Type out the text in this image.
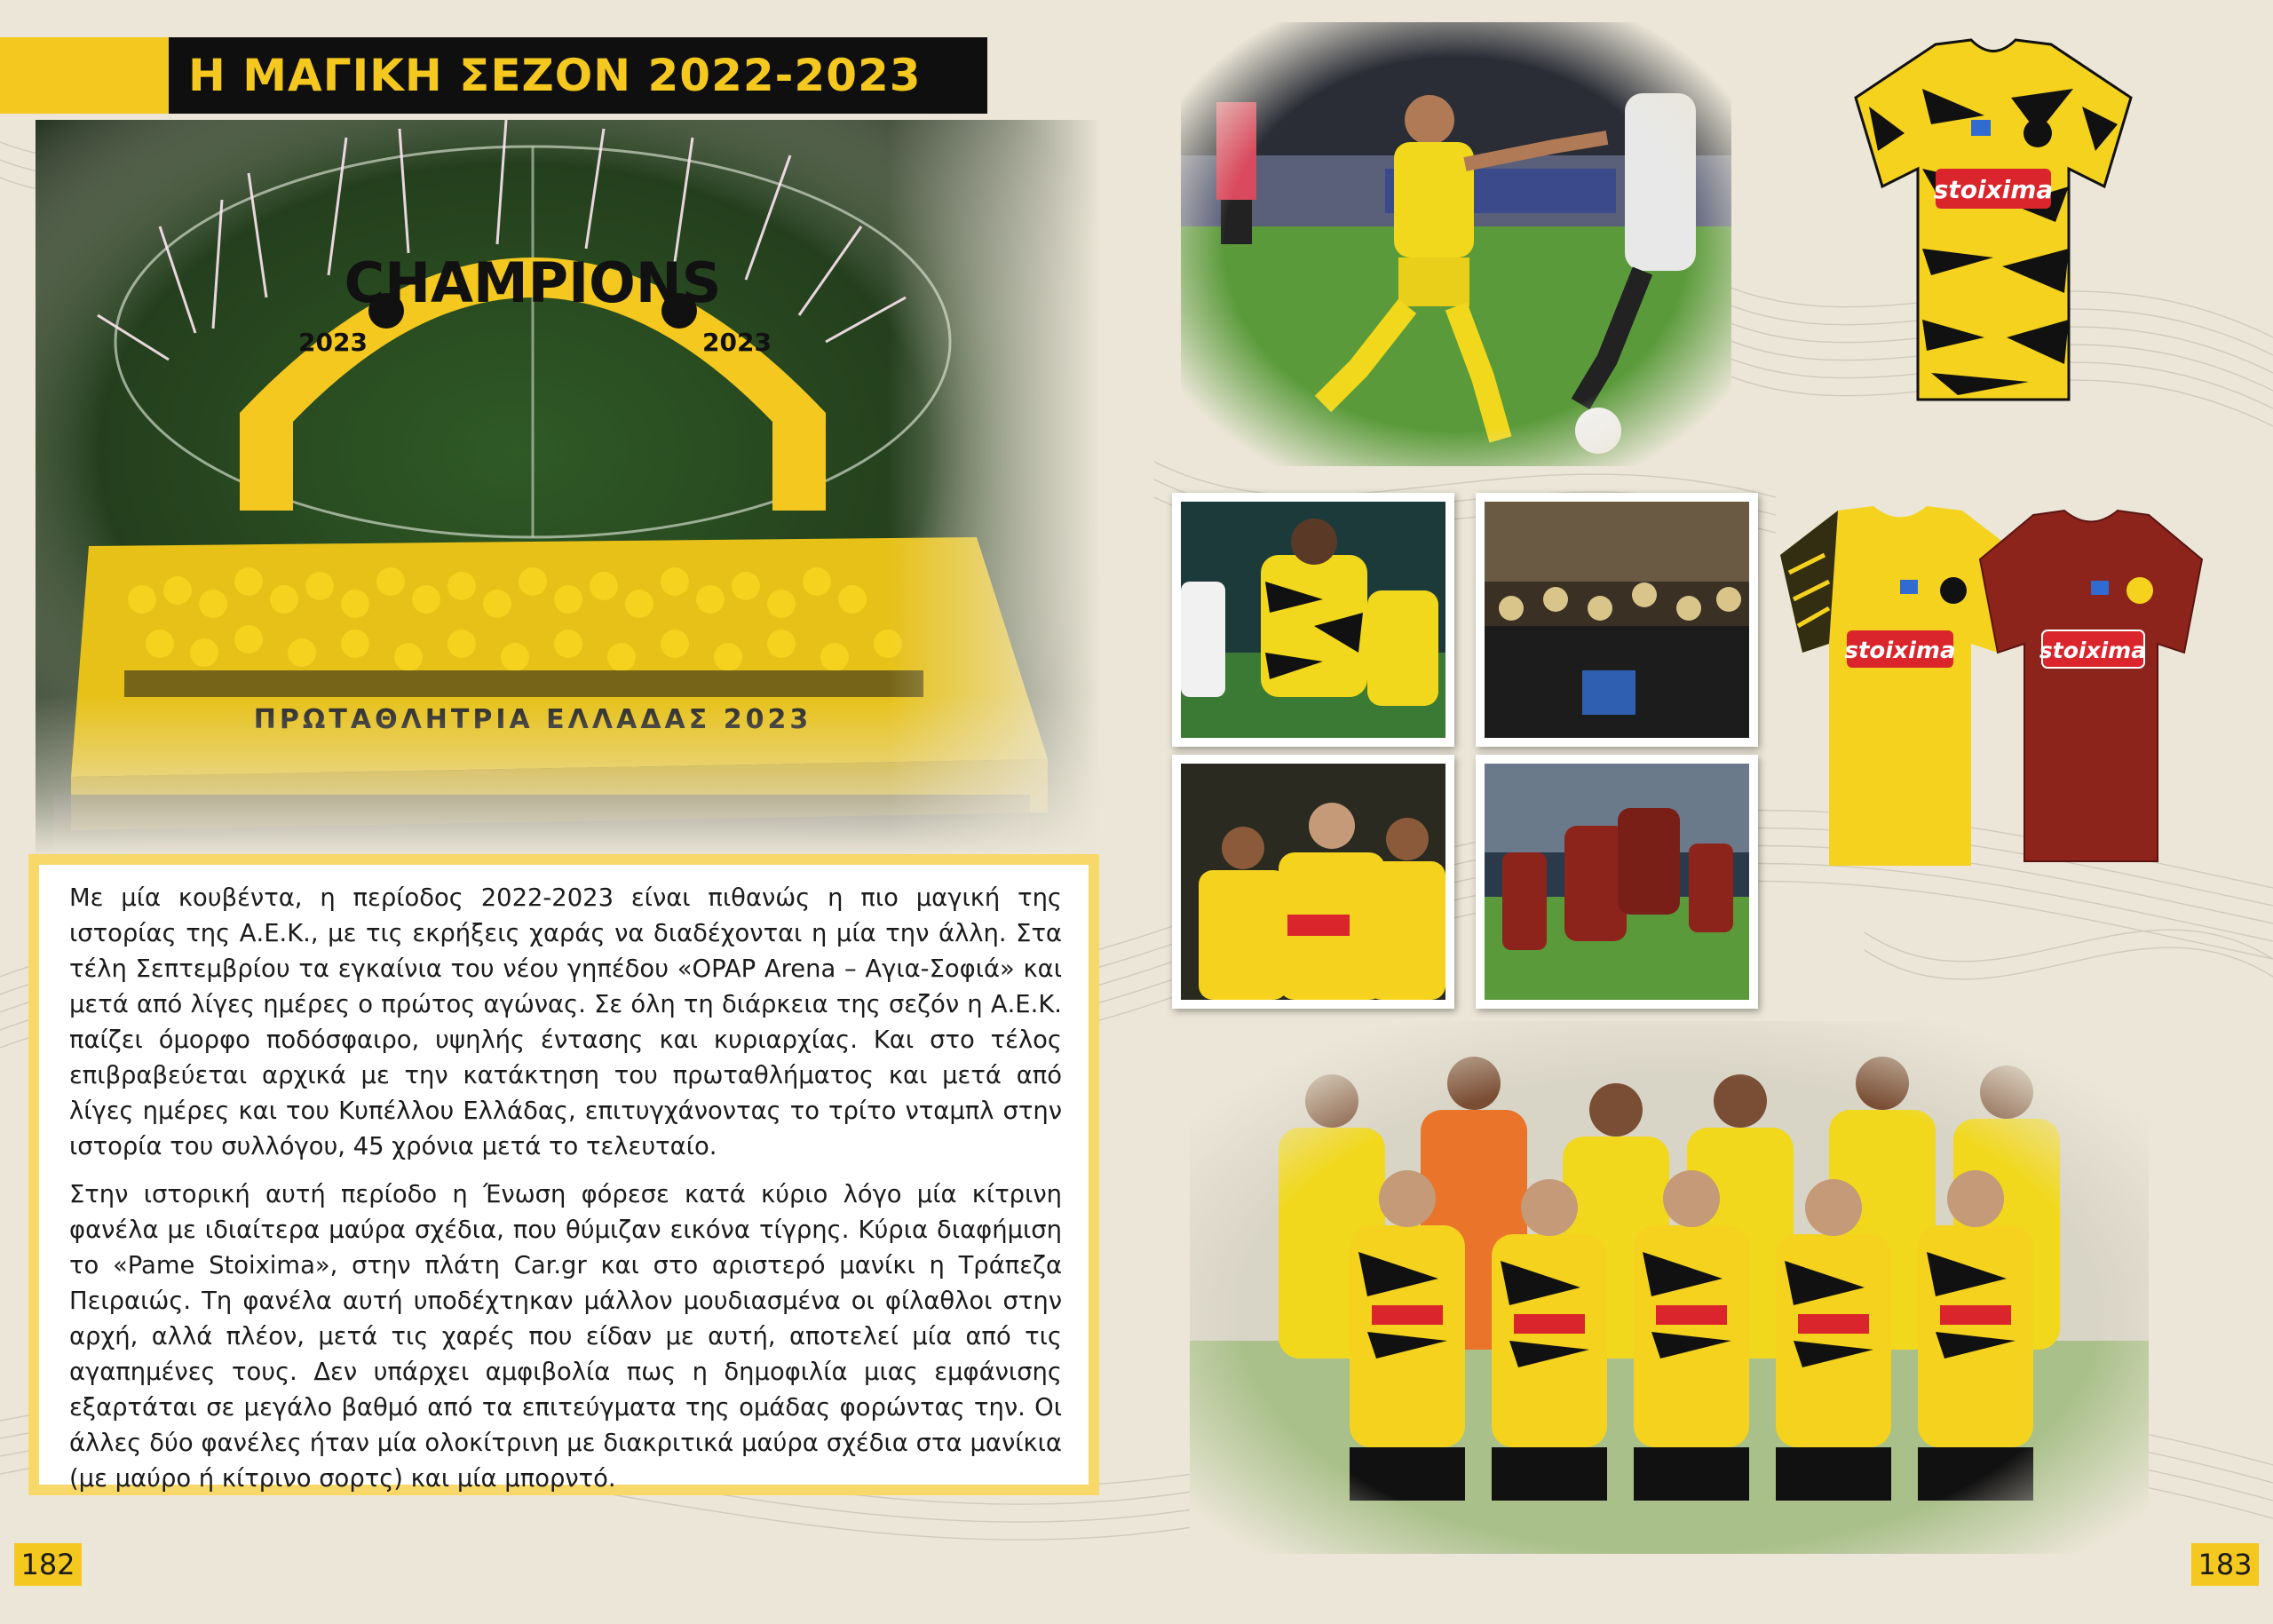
Η ΜΑΓΙΚΗ ΣΕΖΟΝ 2022-2023

Με μία κουβέντα, η περίοδος 2022-2023 είναι πιθανώς η πιο μαγική της ιστορίας της Α.Ε.Κ., με τις εκρήξεις χαράς να διαδέχονται η μία την άλλη. Στα τέλη Σεπτεμβρίου τα εγκαίνια του νέου γηπέδου «OPAP Arena – Αγια-Σοφιά» και μετά από λίγες ημέρες ο πρώτος αγώνας. Σε όλη τη διάρκεια της σεζόν η Α.Ε.Κ. παίζει όμορφο ποδόσφαιρο, υψηλής έντασης και κυριαρχίας. Και στο τέλος επιβραβεύεται αρχικά με την κατάκτηση του πρωταθλήματος και μετά από λίγες ημέρες και του Κυπέλλου Ελλάδας, επιτυγχάνοντας το τρίτο νταμπλ στην ιστορία του συλλόγου, 45 χρόνια μετά το τελευταίο.

Στην ιστορική αυτή περίοδο η Ένωση φόρεσε κατά κύριο λόγο μία κίτρινη φανέλα με ιδιαίτερα μαύρα σχέδια, που θύμιζαν εικόνα τίγρης. Κύρια διαφήμιση το «Pame Stoixima», στην πλάτη Car.gr και στο αριστερό μανίκι η Τράπεζα Πειραιώς. Τη φανέλα αυτή υποδέχτηκαν μάλλον μουδιασμένα οι φίλαθλοι στην αρχή, αλλά πλέον, μετά τις χαρές που είδαν με αυτή, αποτελεί μία από τις αγαπημένες τους. Δεν υπάρχει αμφιβολία πως η δημοφιλία μιας εμφάνισης εξαρτάται σε μεγάλο βαθμό από τα επιτεύγματα της ομάδας φορώντας την. Οι άλλες δύο φανέλες ήταν μία ολοκίτρινη με διακριτικά μαύρα σχέδια στα μανίκια (με μαύρο ή κίτρινο σορτς) και μία μπορντό.

stoixima
stoixima	stoixima
182	183
